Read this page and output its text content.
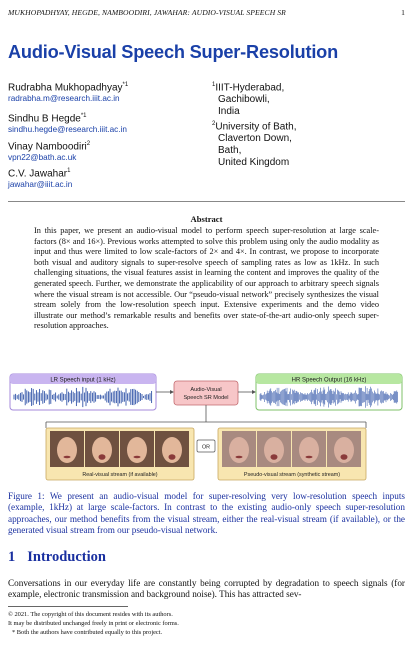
MUKHOPADHYAY, HEGDE, NAMBOODIRI, JAWAHAR: AUDIO-VISUAL SPEECH SR	1
Audio-Visual Speech Super-Resolution
Rudrabha Mukhopadhyay$^{*1}$
radrabha.m@research.iiit.ac.in
Sindhu B Hegde$^{*1}$
sindhu.hegde@research.iiit.ac.in
Vinay Namboodiri$^2$
vpn22@bath.ac.uk
C.V. Jawahar$^1$
jawahar@iiit.ac.in
$^1$IIIT-Hyderabad,
Gachibowli,
India
$^2$University of Bath,
Claverton Down,
Bath,
United Kingdom
Abstract
In this paper, we present an audio-visual model to perform speech super-resolution at large scale-factors (8× and 16×). Previous works attempted to solve this problem using only the audio modality as input and thus were limited to low scale-factors of 2× and 4×. In contrast, we propose to incorporate both visual and auditory signals to super-resolve speech of sampling rates as low as 1kHz. In such challenging situations, the visual features assist in learning the content and improves the quality of the generated speech. Further, we demonstrate the applicability of our approach to arbitrary speech signals where the visual stream is not accessible. Our “pseudo-visual network” precisely synthesizes the visual stream solely from the low-resolution speech input. Extensive experiments and the demo video illustrate our method’s remarkable results and benefits over state-of-the-art audio-only speech super-resolution approaches.
LR Speech input (1 kHz)
Audio-Visual
Speech SR Model
HR Speech Output (16 kHz)
Real-visual stream (if available)
OR
Pseudo-visual stream (synthetic stream)
Figure 1: We present an audio-visual model for super-resolving very low-resolution speech inputs (example, 1kHz) at large scale-factors. In contrast to the existing audio-only speech super-resolution approaches, our method benefits from the visual stream, either the real-visual stream (if available), or the generated visual stream from our pseudo-visual network.
1 Introduction
Conversations in our everyday life are constantly being corrupted by degradation to speech signals (for example, electronic transmission and background noise). This has attracted sev-
© 2021. The copyright of this document resides with its authors.
It may be distributed unchanged freely in print or electronic forms.
* Both the authors have contributed equally to this project.
